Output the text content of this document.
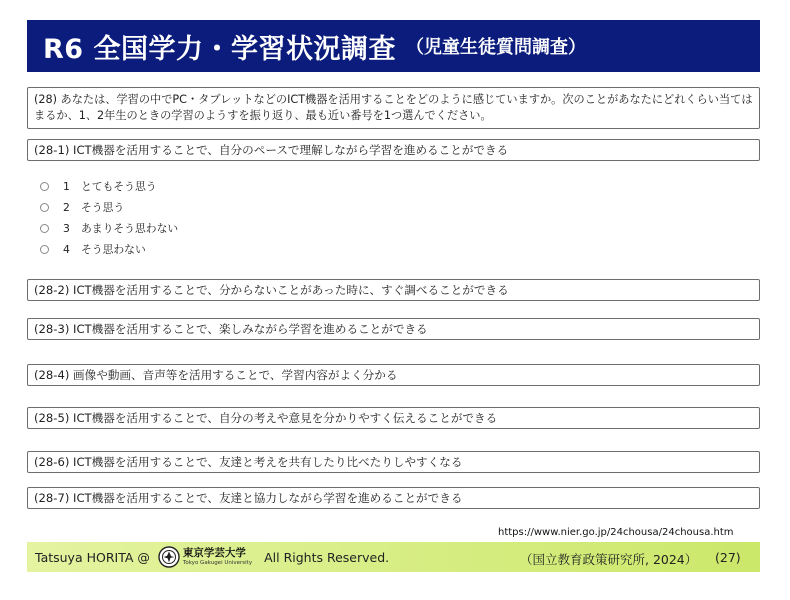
R6 全国学力・学習状況調査 （児童生徒質問調査）
(28) あなたは、学習の中でPC・タブレットなどのICT機器を活用することをどのように感じていますか。次のことがあなたにどれくらい当てはまるか、1、2年生のときの学習のようすを振り返り、最も近い番号を1つ選んでください。
(28-1) ICT機器を活用することで、自分のペースで理解しながら学習を進めることができる
1	とてもそう思う
2	そう思う
3	あまりそう思わない
4	そう思わない
(28-2) ICT機器を活用することで、分からないことがあった時に、すぐ調べることができる
(28-3) ICT機器を活用することで、楽しみながら学習を進めることができる
(28-4) 画像や動画、音声等を活用することで、学習内容がよく分かる
(28-5) ICT機器を活用することで、自分の考えや意見を分かりやすく伝えることができる
(28-6) ICT機器を活用することで、友達と考えを共有したり比べたりしやすくなる
(28-7) ICT機器を活用することで、友達と協力しながら学習を進めることができる
https://www.nier.go.jp/24chousa/24chousa.htm
Tatsuya HORITA @	東京学芸大学
Tokyo Gakugei University All Rights Reserved.	（国立教育政策研究所, 2024） (27)
